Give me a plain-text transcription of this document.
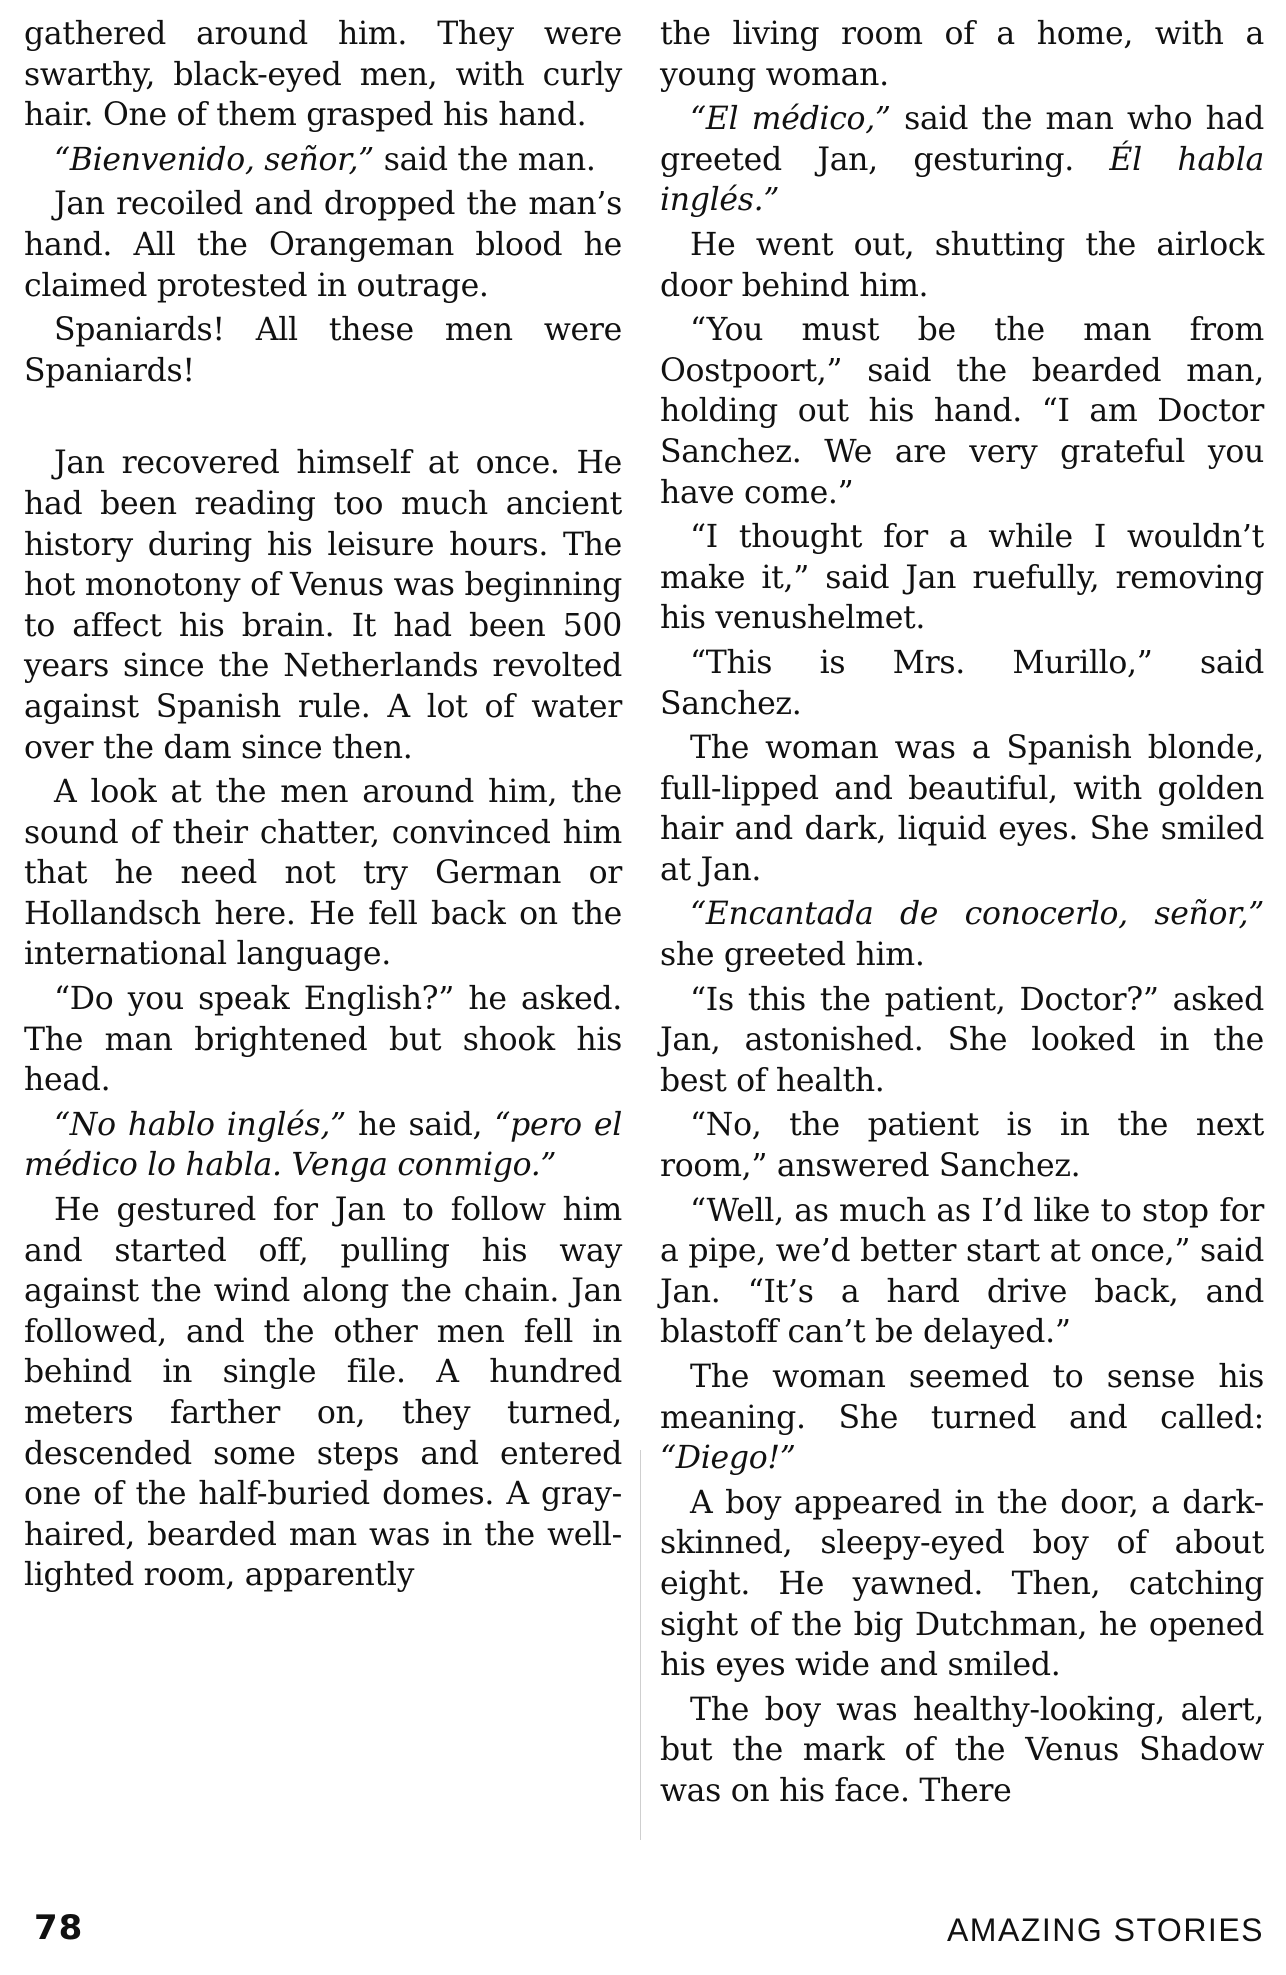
gathered around him. They were swarthy, black-eyed men, with curly hair. One of them grasped his hand.

“Bienvenido, señor,” said the man.

Jan recoiled and dropped the man’s hand. All the Orangeman blood he claimed protested in outrage.

Spaniards! All these men were Spaniards!

Jan recovered himself at once. He had been reading too much ancient history during his leisure hours. The hot monotony of Venus was beginning to affect his brain. It had been 500 years since the Netherlands revolted against Spanish rule. A lot of water over the dam since then.

A look at the men around him, the sound of their chatter, convinced him that he need not try German or Hollandsch here. He fell back on the international language.

“Do you speak English?” he asked. The man brightened but shook his head.

“No hablo inglés,” he said, “pero el médico lo habla. Venga conmigo.”

He gestured for Jan to follow him and started off, pulling his way against the wind along the chain. Jan followed, and the other men fell in behind in single file. A hundred meters farther on, they turned, descended some steps and entered one of the half-buried domes. A gray-haired, bearded man was in the well-lighted room, apparently

the living room of a home, with a young woman.

“El médico,” said the man who had greeted Jan, gesturing. Él habla inglés.”

He went out, shutting the airlock door behind him.

“You must be the man from Oostpoort,” said the bearded man, holding out his hand. “I am Doctor Sanchez. We are very grateful you have come.”

“I thought for a while I wouldn’t make it,” said Jan ruefully, removing his venushelmet.

“This is Mrs. Murillo,” said Sanchez.

The woman was a Spanish blonde, full-lipped and beautiful, with golden hair and dark, liquid eyes. She smiled at Jan.

“Encantada de conocerlo, señor,” she greeted him.

“Is this the patient, Doctor?” asked Jan, astonished. She looked in the best of health.

“No, the patient is in the next room,” answered Sanchez.

“Well, as much as I’d like to stop for a pipe, we’d better start at once,” said Jan. “It’s a hard drive back, and blastoff can’t be delayed.”

The woman seemed to sense his meaning. She turned and called: “Diego!”

A boy appeared in the door, a dark-skinned, sleepy-eyed boy of about eight. He yawned. Then, catching sight of the big Dutchman, he opened his eyes wide and smiled.

The boy was healthy-looking, alert, but the mark of the Venus Shadow was on his face. There

78	AMAZING STORIES
